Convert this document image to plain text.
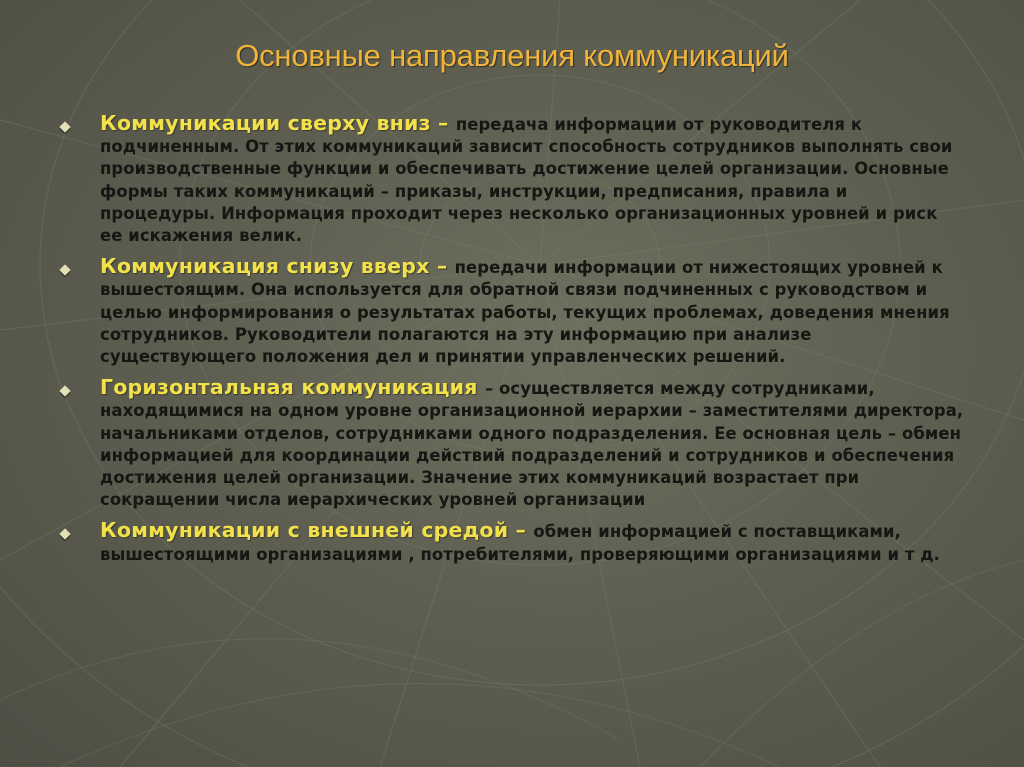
Основные направления коммуникаций
Коммуникации сверху вниз – передача информации от руководителя к подчиненным. От этих коммуникаций зависит способность сотрудников выполнять свои производственные функции и обеспечивать достижение целей организации. Основные формы таких коммуникаций – приказы, инструкции, предписания, правила и процедуры. Информация проходит через несколько организационных уровней и риск ее искажения велик.
Коммуникация снизу вверх – передачи информации от нижестоящих уровней к вышестоящим. Она используется для обратной связи подчиненных с руководством и целью информирования о результатах работы, текущих проблемах, доведения мнения сотрудников. Руководители полагаются на эту информацию при анализе существующего положения дел и принятии управленческих решений.
Горизонтальная коммуникация – осуществляется между сотрудниками, находящимися на одном уровне организационной иерархии – заместителями директора, начальниками отделов, сотрудниками одного подразделения. Ее основная цель – обмен информацией для координации действий подразделений и сотрудников и обеспечения достижения целей организации. Значение этих коммуникаций возрастает при сокращении числа иерархических уровней организации
Коммуникации с внешней средой – обмен информацией с поставщиками, вышестоящими организациями , потребителями, проверяющими организациями и т д.
